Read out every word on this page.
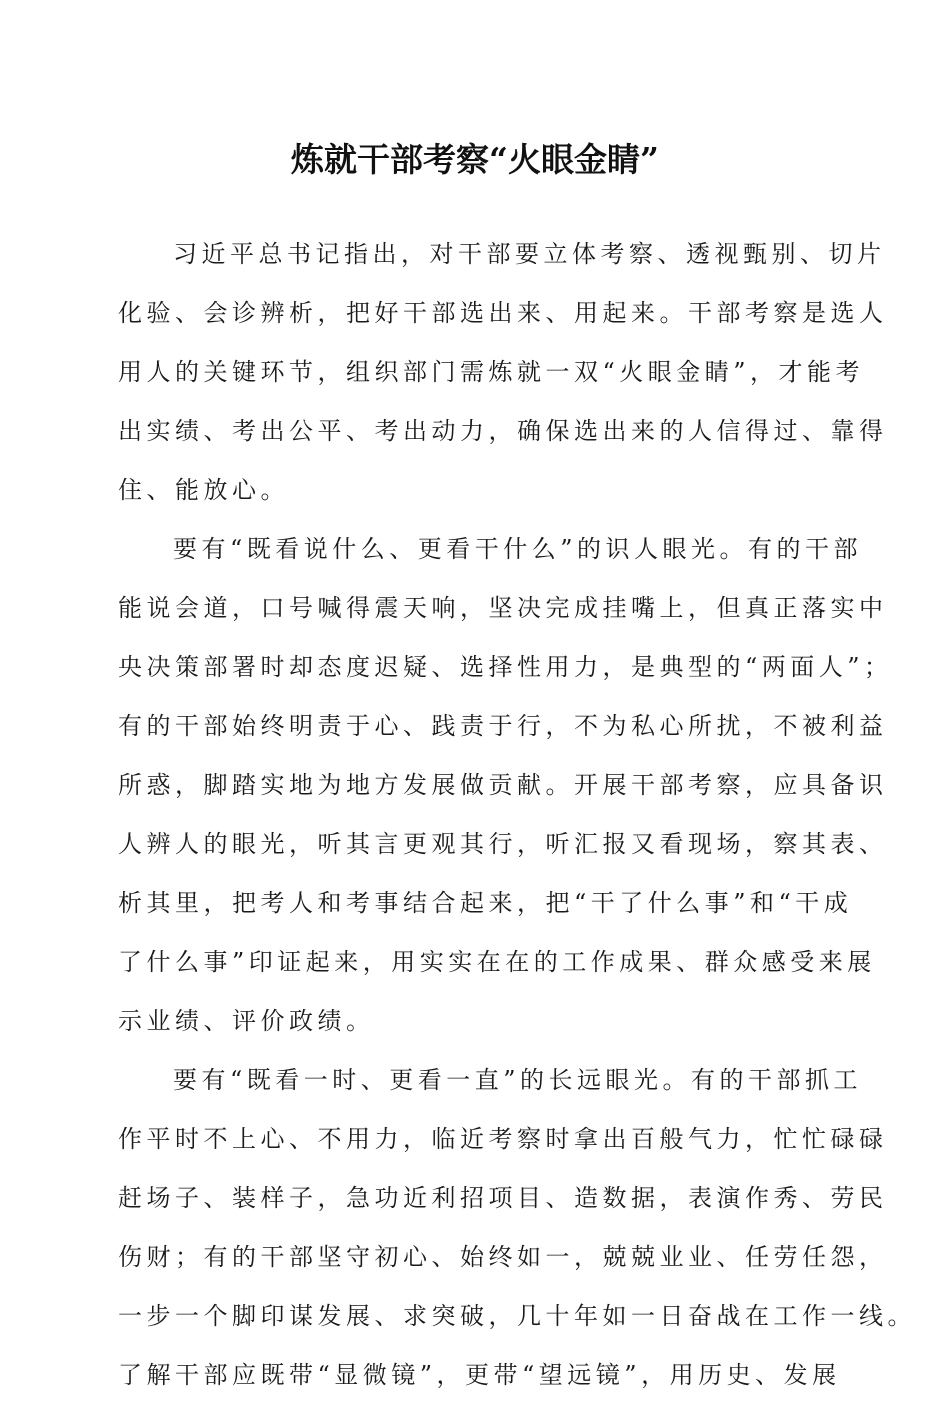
炼就干部考察“火眼金睛”
习近平总书记指出，对干部要立体考察、透视甄别、切片
化验、会诊辨析，把好干部选出来、用起来。干部考察是选人
用人的关键环节，组织部门需炼就一双“火眼金睛”，才能考
出实绩、考出公平、考出动力，确保选出来的人信得过、靠得
住、能放心。
要有“既看说什么、更看干什么”的识人眼光。有的干部
能说会道，口号喊得震天响，坚决完成挂嘴上，但真正落实中
央决策部署时却态度迟疑、选择性用力，是典型的“两面人”；
有的干部始终明责于心、践责于行，不为私心所扰，不被利益
所惑，脚踏实地为地方发展做贡献。开展干部考察，应具备识
人辨人的眼光，听其言更观其行，听汇报又看现场，察其表、
析其里，把考人和考事结合起来，把“干了什么事”和“干成
了什么事”印证起来，用实实在在的工作成果、群众感受来展
示业绩、评价政绩。
要有“既看一时、更看一直”的长远眼光。有的干部抓工
作平时不上心、不用力，临近考察时拿出百般气力，忙忙碌碌
赶场子、装样子，急功近利招项目、造数据，表演作秀、劳民
伤财；有的干部坚守初心、始终如一，兢兢业业、任劳任怨，
一步一个脚印谋发展、求突破，几十年如一日奋战在工作一线。
了解干部应既带“显微镜”，更带“望远镜”，用历史、发展
